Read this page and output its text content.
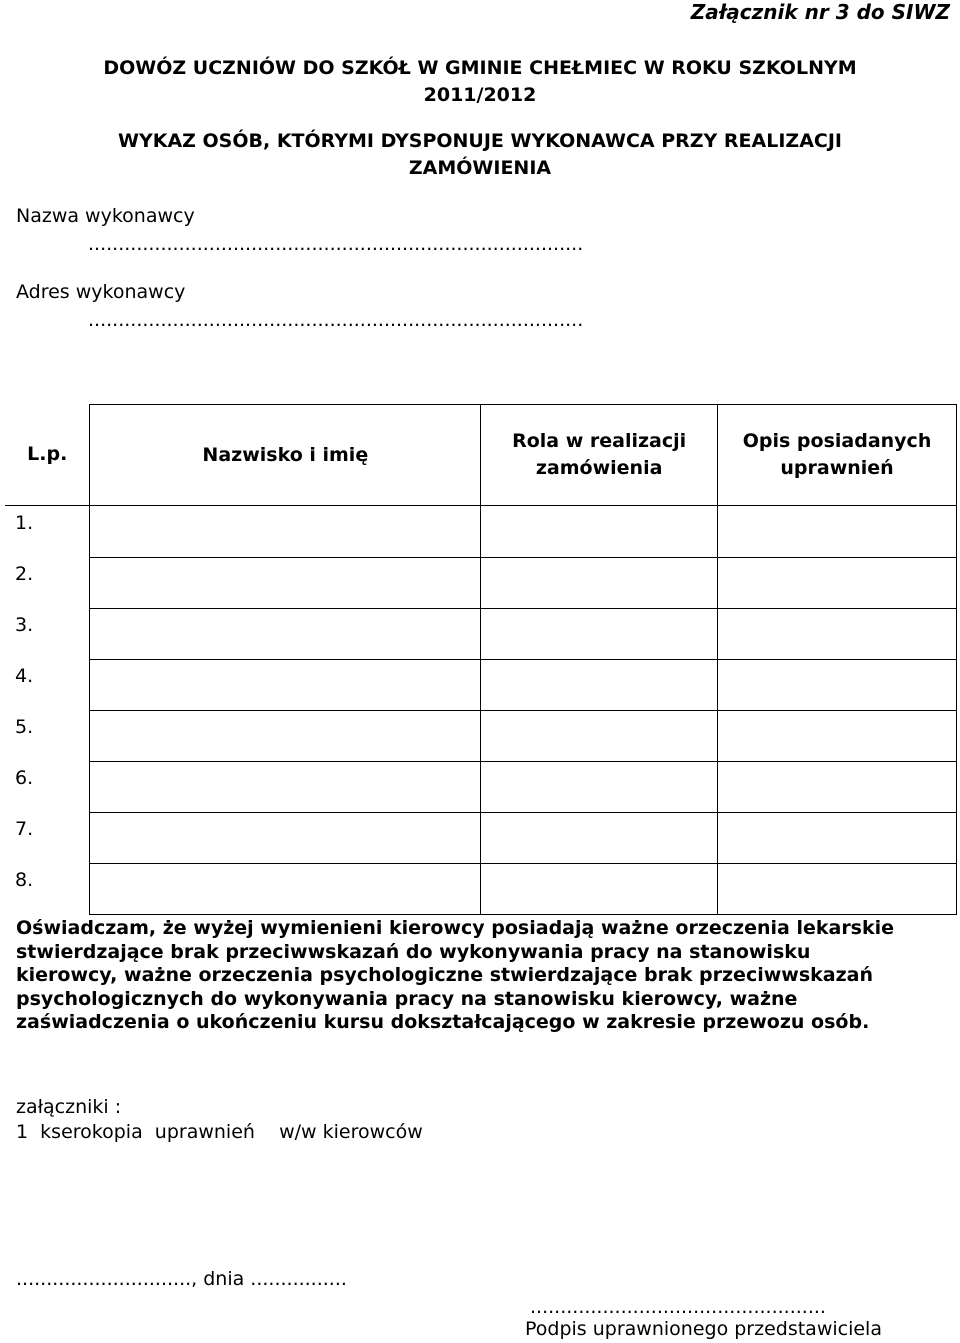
Załącznik nr 3 do SIWZ
DOWÓZ UCZNIÓW DO SZKÓŁ W GMINIE CHEŁMIEC W ROKU SZKOLNYM
2011/2012
WYKAZ OSÓB, KTÓRYMI DYSPONUJE WYKONAWCA PRZY REALIZACJI
ZAMÓWIENIA
Nazwa wykonawcy
..................................................................................
Adres wykonawcy
..................................................................................
L.p.	Nazwisko i imię	Rola w realizacji zamówienia	Opis posiadanych uprawnień
1.			
2.			
3.			
4.			
5.			
6.			
7.			
8.			
Oświadczam, że wyżej wymienieni kierowcy posiadają ważne orzeczenia lekarskie stwierdzające brak przeciwwskazań do wykonywania pracy na stanowisku kierowcy, ważne orzeczenia psychologiczne stwierdzające brak przeciwwskazań psychologicznych do wykonywania pracy na stanowisku kierowcy, ważne zaświadczenia o ukończeniu kursu dokształcającego w zakresie przewozu osób.
załączniki :
1  kserokopia  uprawnień    w/w kierowców
............................., dnia ................
.................................................
Podpis uprawnionego przedstawiciela
